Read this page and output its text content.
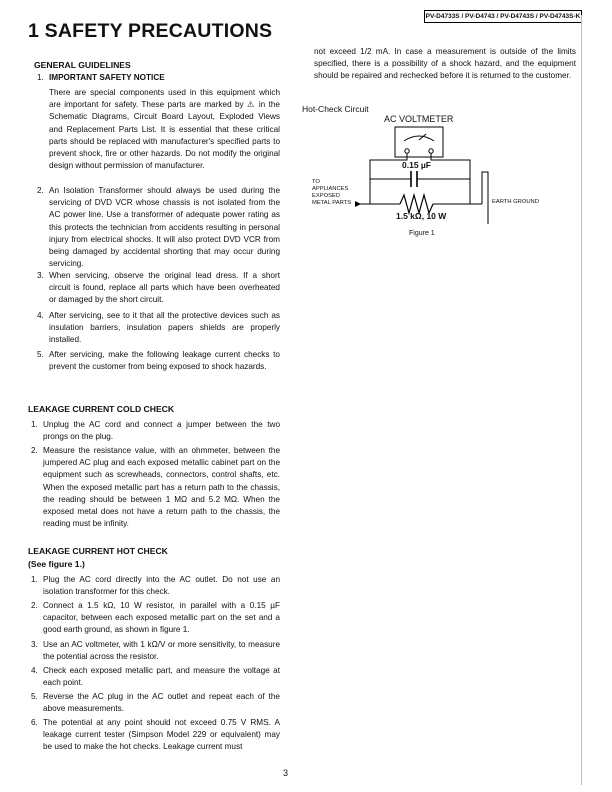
PV-D4733S / PV-D4743 / PV-D4743S / PV-D4743S-K
1 SAFETY PRECAUTIONS
GENERAL GUIDELINES
1. IMPORTANT SAFETY NOTICE
There are special components used in this equipment which are important for safety. These parts are marked by ⚠ in the Schematic Diagrams, Circuit Board Layout, Exploded Views and Replacement Parts List. It is essential that these critical parts should be replaced with manufacturer's specified parts to prevent shock, fire or other hazards. Do not modify the original design without permission of manufacturer.
2. An Isolation Transformer should always be used during the servicing of DVD VCR whose chassis is not isolated from the AC power line. Use a transformer of adequate power rating as this protects the technician from accidents resulting in personal injury from electrical shocks. It will also protect DVD VCR from being damaged by accidental shorting that may occur during servicing.
3. When servicing, observe the original lead dress. If a short circuit is found, replace all parts which have been overheated or damaged by the short circuit.
4. After servicing, see to it that all the protective devices such as insulation barriers, insulation papers shields are properly installed.
5. After servicing, make the following leakage current checks to prevent the customer from being exposed to shock hazards.
LEAKAGE CURRENT COLD CHECK
1. Unplug the AC cord and connect a jumper between the two prongs on the plug.
2. Measure the resistance value, with an ohmmeter, between the jumpered AC plug and each exposed metallic cabinet part on the equipment such as screwheads, connectors, control shafts, etc. When the exposed metallic part has a return path to the chassis, the reading should be between 1 MΩ and 5.2 MΩ. When the exposed metal does not have a return path to the chassis, the reading must be infinity.
LEAKAGE CURRENT HOT CHECK
(See figure 1.)
1. Plug the AC cord directly into the AC outlet. Do not use an isolation transformer for this check.
2. Connect a 1.5 kΩ, 10 W resistor, in parallel with a 0.15 µF capacitor, between each exposed metallic part on the set and a good earth ground, as shown in figure 1.
3. Use an AC voltmeter, with 1 kΩ/V or more sensitivity, to measure the potential across the resistor.
4. Check each exposed metallic part, and measure the voltage at each point.
5. Reverse the AC plug in the AC outlet and repeat each of the above measurements.
6. The potential at any point should not exceed 0.75 V RMS. A leakage current tester (Simpson Model 229 or equivalent) may be used to make the hot checks. Leakage current must
not exceed 1/2 mA. In case a measurement is outside of the limits specified, there is a possibility of a shock hazard, and the equipment should be repaired and rechecked before it is returned to the customer.
Hot-Check Circuit
AC VOLTMETER
0.15 µF
1.5 kΩ, 10 W
TO
APPLIANCES
EXPOSED
METAL PARTS	EARTH GROUND
Figure 1
3
